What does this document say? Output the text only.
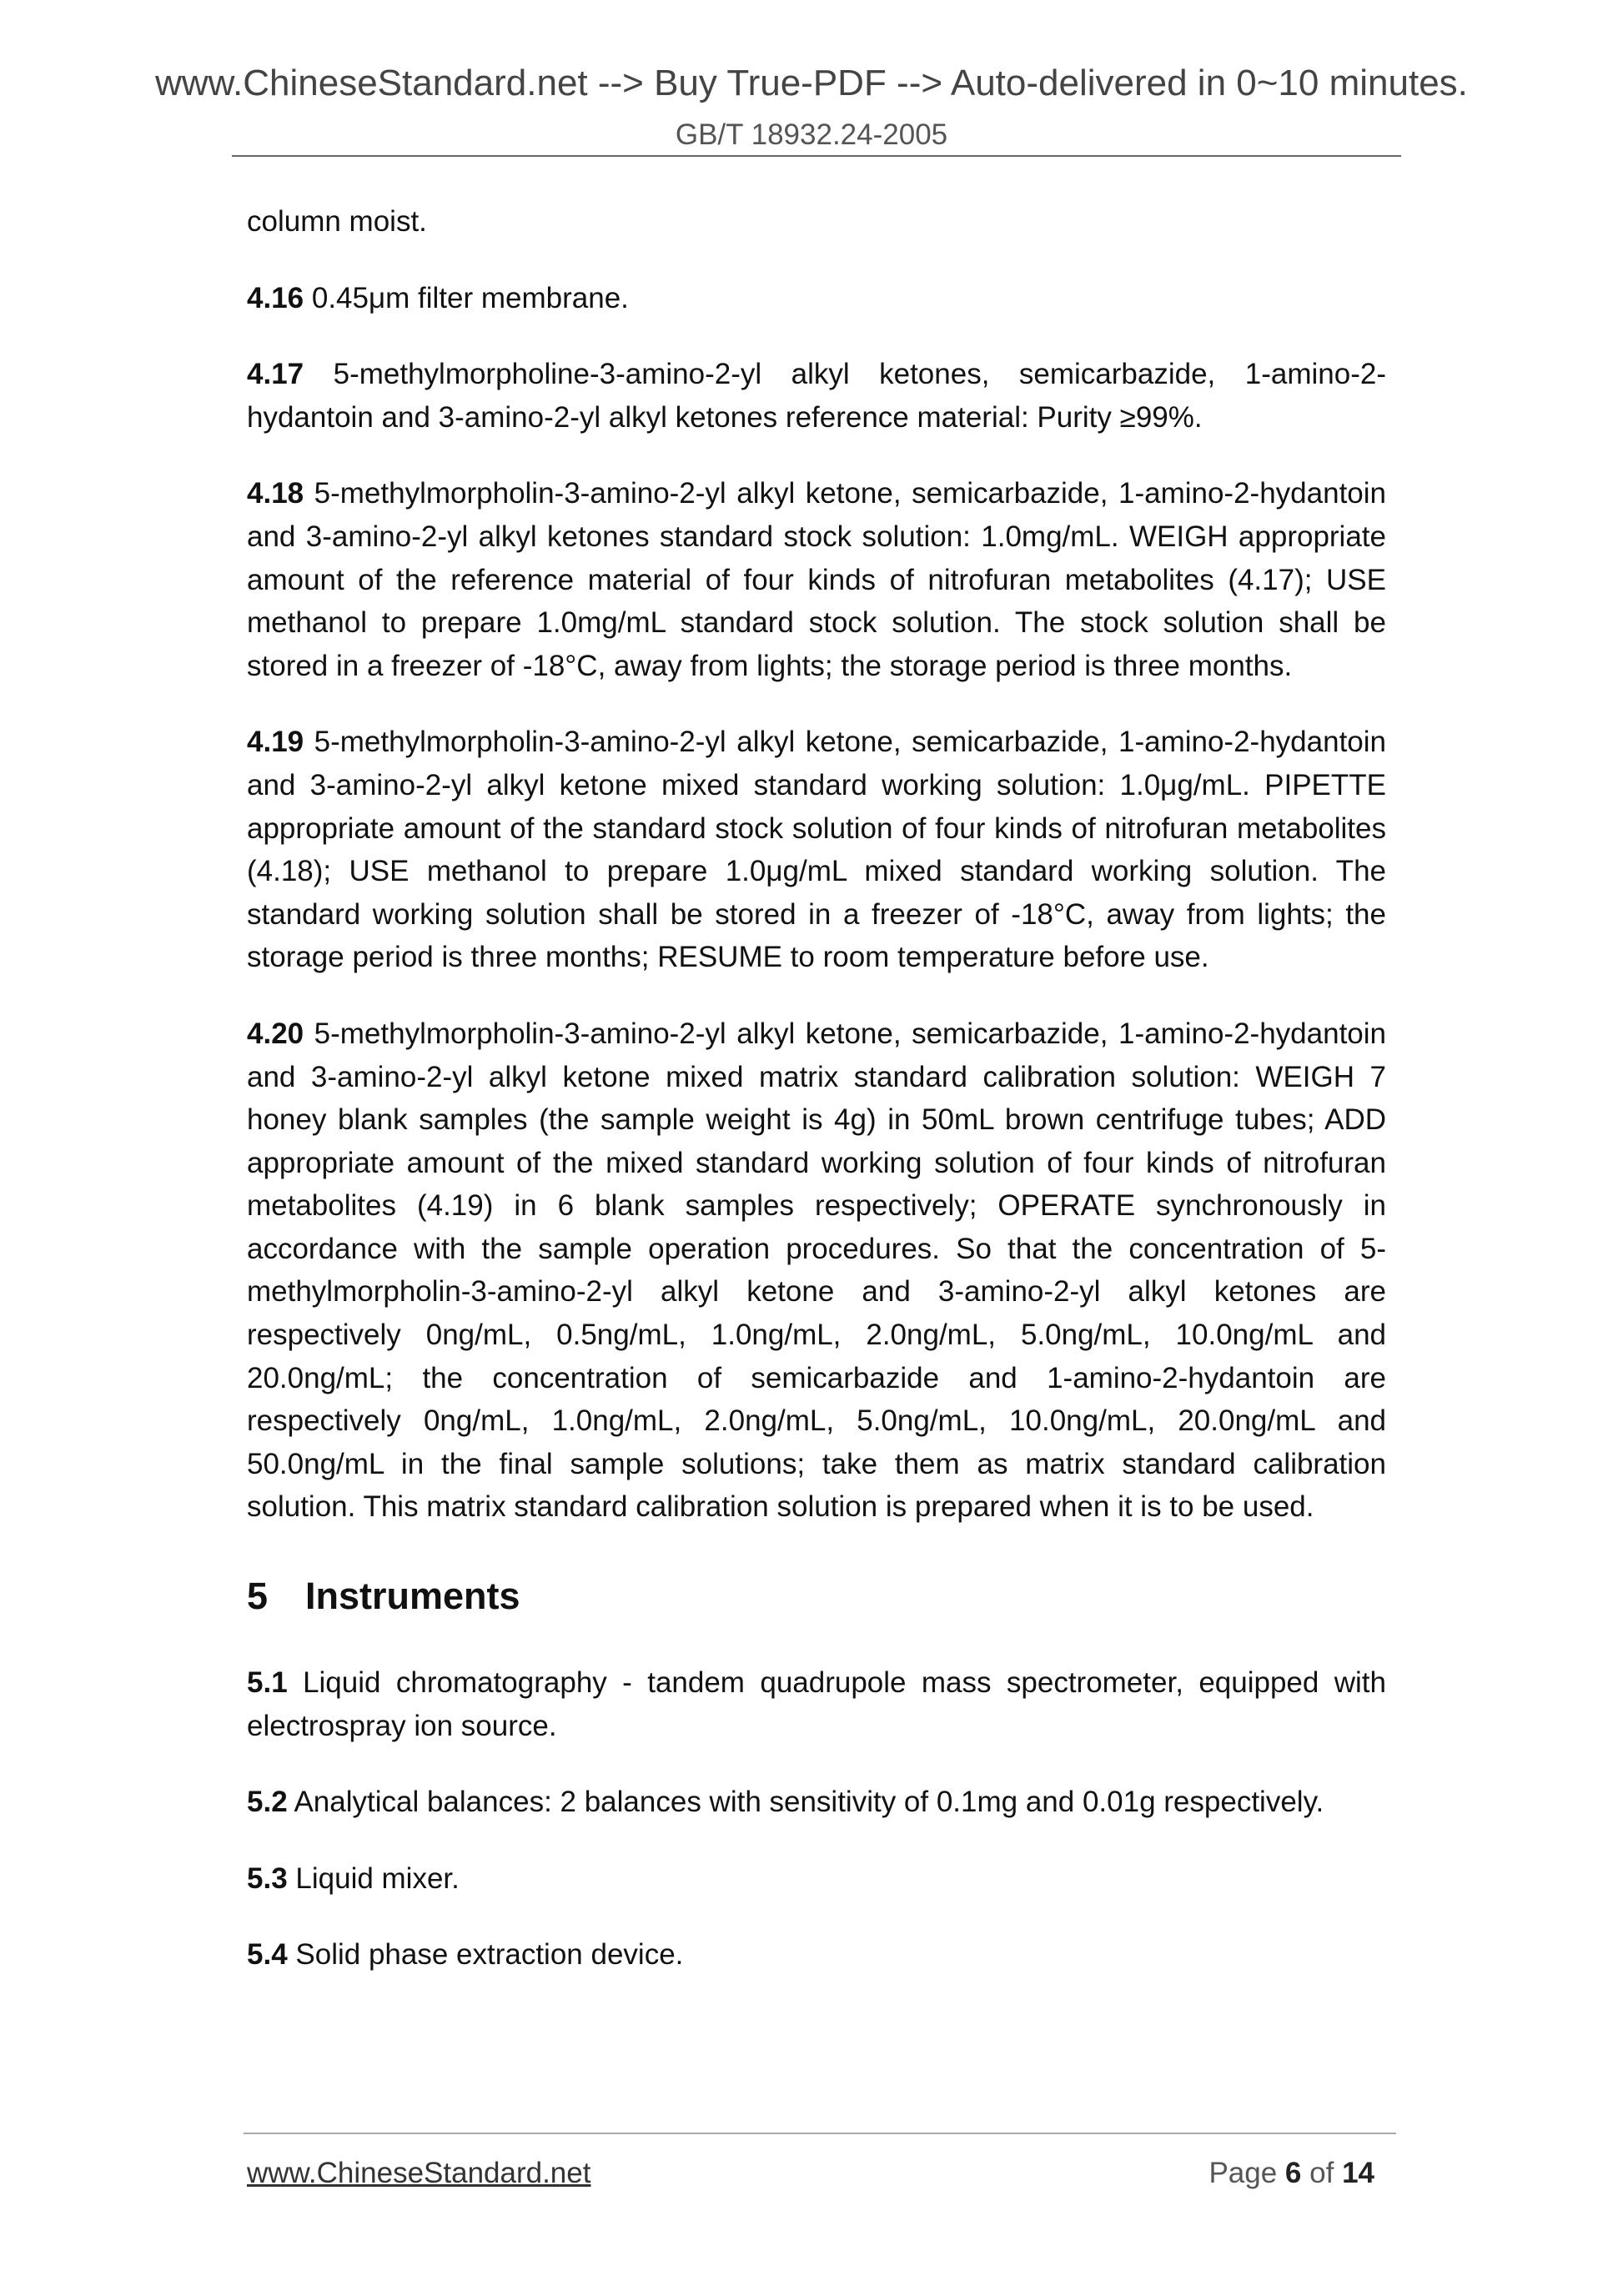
www.ChineseStandard.net --> Buy True-PDF --> Auto-delivered in 0~10 minutes.
GB/T 18932.24-2005

column moist.

4.16 0.45μm filter membrane.

4.17 5-methylmorpholine-3-amino-2-yl alkyl ketones, semicarbazide, 1-amino-2-hydantoin and 3-amino-2-yl alkyl ketones reference material: Purity ≥99%.

4.18 5-methylmorpholin-3-amino-2-yl alkyl ketone, semicarbazide, 1-amino-2-hydantoin and 3-amino-2-yl alkyl ketones standard stock solution: 1.0mg/mL. WEIGH appropriate amount of the reference material of four kinds of nitrofuran metabolites (4.17); USE methanol to prepare 1.0mg/mL standard stock solution. The stock solution shall be stored in a freezer of -18°C, away from lights; the storage period is three months.

4.19 5-methylmorpholin-3-amino-2-yl alkyl ketone, semicarbazide, 1-amino-2-hydantoin and 3-amino-2-yl alkyl ketone mixed standard working solution: 1.0μg/mL. PIPETTE appropriate amount of the standard stock solution of four kinds of nitrofuran metabolites (4.18); USE methanol to prepare 1.0μg/mL mixed standard working solution. The standard working solution shall be stored in a freezer of -18°C, away from lights; the storage period is three months; RESUME to room temperature before use.

4.20 5-methylmorpholin-3-amino-2-yl alkyl ketone, semicarbazide, 1-amino-2-hydantoin and 3-amino-2-yl alkyl ketone mixed matrix standard calibration solution: WEIGH 7 honey blank samples (the sample weight is 4g) in 50mL brown centrifuge tubes; ADD appropriate amount of the mixed standard working solution of four kinds of nitrofuran metabolites (4.19) in 6 blank samples respectively; OPERATE synchronously in accordance with the sample operation procedures. So that the concentration of 5-methylmorpholin-3-amino-2-yl alkyl ketone and 3-amino-2-yl alkyl ketones are respectively 0ng/mL, 0.5ng/mL, 1.0ng/mL, 2.0ng/mL, 5.0ng/mL, 10.0ng/mL and 20.0ng/mL; the concentration of semicarbazide and 1-amino-2-hydantoin are respectively 0ng/mL, 1.0ng/mL, 2.0ng/mL, 5.0ng/mL, 10.0ng/mL, 20.0ng/mL and 50.0ng/mL in the final sample solutions; take them as matrix standard calibration solution. This matrix standard calibration solution is prepared when it is to be used.

5 Instruments

5.1 Liquid chromatography - tandem quadrupole mass spectrometer, equipped with electrospray ion source.

5.2 Analytical balances: 2 balances with sensitivity of 0.1mg and 0.01g respectively.

5.3 Liquid mixer.

5.4 Solid phase extraction device.

www.ChineseStandard.net	Page 6 of 14
